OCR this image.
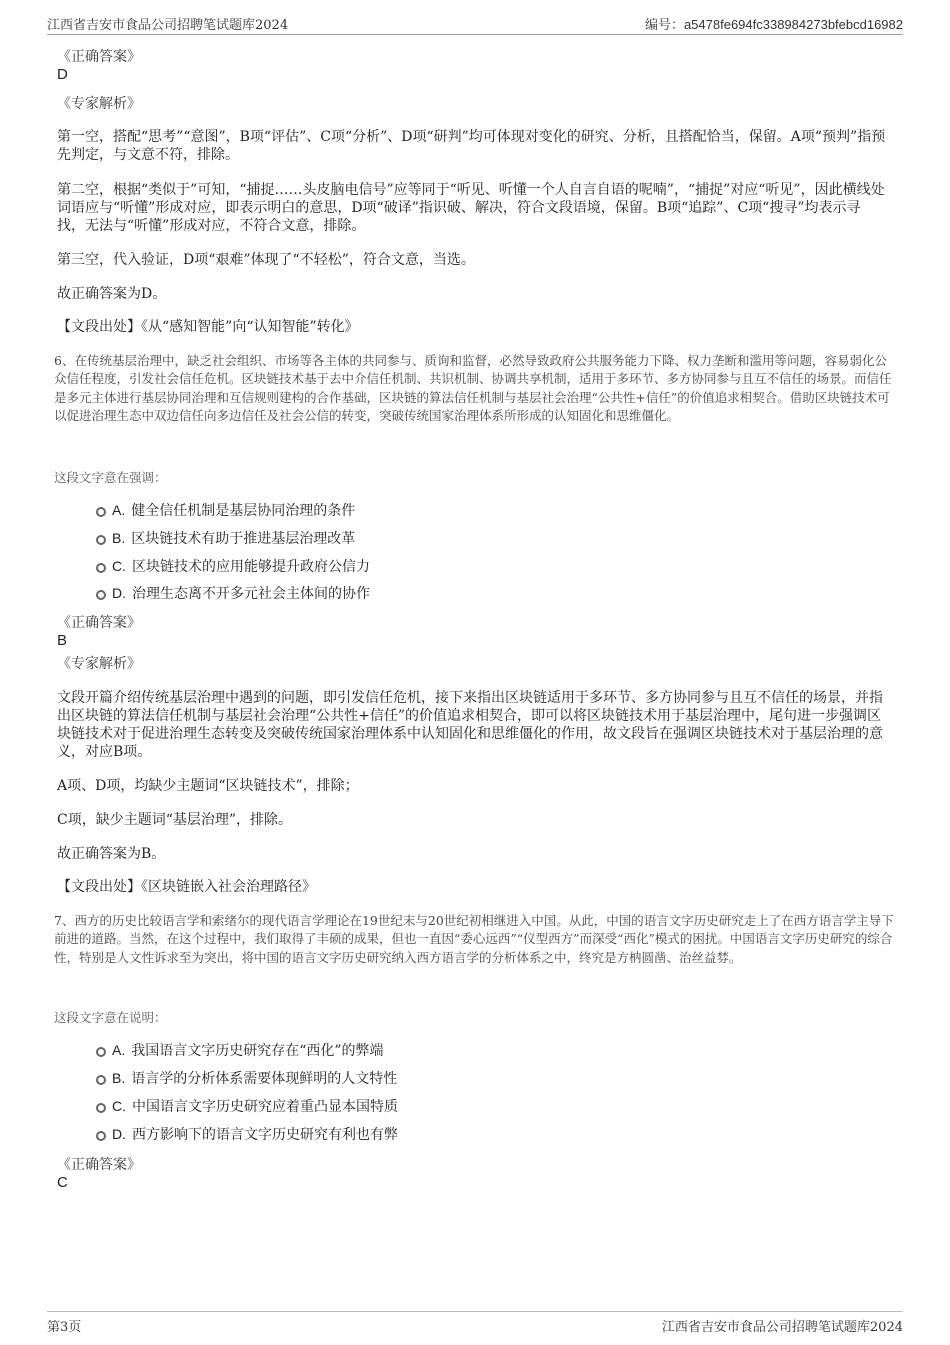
江西省吉安市食品公司招聘笔试题库2024	编号：a5478fe694fc338984273bfebcd16982
《正确答案》
D
《专家解析》
第一空，搭配“思考”“意图”，B项“评估”、C项“分析”、D项“研判”均可体现对变化的研究、分析，且搭配恰当，保留。A项“预判”指预先判定，与文意不符，排除。
第二空，根据“类似于”可知，“捕捉……头皮脑电信号”应等同于“听见、听懂一个人自言自语的呢喃”，“捕捉”对应“听见”，因此横线处词语应与“听懂”形成对应，即表示明白的意思，D项“破译”指识破、解决，符合文段语境，保留。B项“追踪”、C项“搜寻”均表示寻找，无法与“听懂”形成对应，不符合文意，排除。
第三空，代入验证，D项“艰难”体现了“不轻松”，符合文意，当选。
故正确答案为D。
【文段出处】《从“感知智能”向“认知智能”转化》
6、在传统基层治理中，缺乏社会组织、市场等各主体的共同参与、质询和监督，必然导致政府公共服务能力下降、权力垄断和滥用等问题，容易弱化公众信任程度，引发社会信任危机。区块链技术基于去中介信任机制、共识机制、协调共享机制，适用于多环节、多方协同参与且互不信任的场景。而信任是多元主体进行基层协同治理和互信规则建构的合作基础，区块链的算法信任机制与基层社会治理“公共性+信任”的价值追求相契合。借助区块链技术可以促进治理生态中双边信任向多边信任及社会公信的转变，突破传统国家治理体系所形成的认知固化和思维僵化。
这段文字意在强调：
A. 健全信任机制是基层协同治理的条件
B. 区块链技术有助于推进基层治理改革
C. 区块链技术的应用能够提升政府公信力
D. 治理生态离不开多元社会主体间的协作
《正确答案》
B
《专家解析》
文段开篇介绍传统基层治理中遇到的问题，即引发信任危机，接下来指出区块链适用于多环节、多方协同参与且互不信任的场景，并指出区块链的算法信任机制与基层社会治理“公共性+信任”的价值追求相契合，即可以将区块链技术用于基层治理中，尾句进一步强调区块链技术对于促进治理生态转变及突破传统国家治理体系中认知固化和思维僵化的作用，故文段旨在强调区块链技术对于基层治理的意义，对应B项。
A项、D项，均缺少主题词“区块链技术”，排除；
C项，缺少主题词“基层治理”，排除。
故正确答案为B。
【文段出处】《区块链嵌入社会治理路径》
7、西方的历史比较语言学和索绪尔的现代语言学理论在19世纪末与20世纪初相继进入中国。从此，中国的语言文字历史研究走上了在西方语言学主导下前进的道路。当然，在这个过程中，我们取得了丰硕的成果，但也一直因“委心远西”“仪型西方”而深受“西化”模式的困扰。中国语言文字历史研究的综合性，特别是人文性诉求至为突出，将中国的语言文字历史研究纳入西方语言学的分析体系之中，终究是方枘圆凿、治丝益棼。
这段文字意在说明：
A. 我国语言文字历史研究存在“西化”的弊端
B. 语言学的分析体系需要体现鲜明的人文特性
C. 中国语言文字历史研究应着重凸显本国特质
D. 西方影响下的语言文字历史研究有利也有弊
《正确答案》
C
第3页	江西省吉安市食品公司招聘笔试题库2024
